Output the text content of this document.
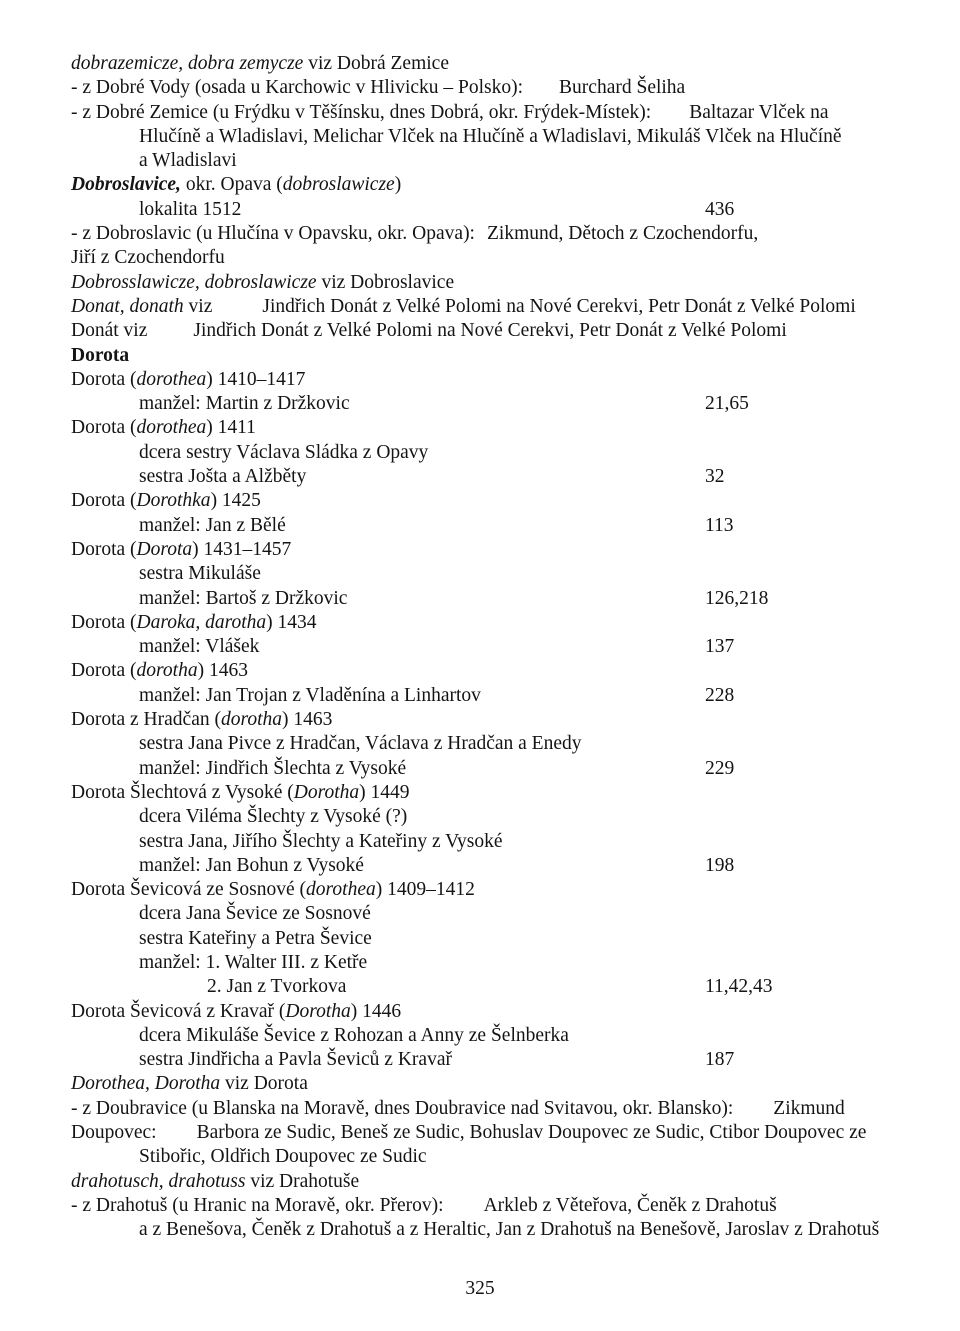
dobrazemicze, dobra zemycze viz Dobrá Zemice
- z Dobré Vody (osada u Karchowic v Hlivicku – Polsko): Burchard Šeliha
- z Dobré Zemice (u Frýdku v Těšínsku, dnes Dobrá, okr. Frýdek-Místek): Baltazar Vlček na
Hlučíně a Wladislavi, Melichar Vlček na Hlučíně a Wladislavi, Mikuláš Vlček na Hlučíně
a Wladislavi
Dobroslavice, okr. Opava (dobroslawicze)
lokalita 1512	436
- z Dobroslavic (u Hlučína v Opavsku, okr. Opava): Zikmund, Dětoch z Czochendorfu,
Jiří z Czochendorfu
Dobrosslawicze, dobroslawicze viz Dobroslavice
Donat, donath viz	Jindřich Donát z Velké Polomi na Nové Cerekvi, Petr Donát z Velké Polomi
Donát viz Jindřich Donát z Velké Polomi na Nové Cerekvi, Petr Donát z Velké Polomi
Dorota
Dorota (dorothea) 1410–1417
manžel: Martin z Držkovic	21,65
Dorota (dorothea) 1411
dcera sestry Václava Sládka z Opavy
sestra Jošta a Alžběty	32
Dorota (Dorothka) 1425
manžel: Jan z Bělé	113
Dorota (Dorota) 1431–1457
sestra Mikuláše
manžel: Bartoš z Držkovic	126,218
Dorota (Daroka, darotha) 1434
manžel: Vlášek	137
Dorota (dorotha) 1463
manžel: Jan Trojan z Vladěnína a Linhartov	228
Dorota z Hradčan (dorotha) 1463
sestra Jana Pivce z Hradčan, Václava z Hradčan a Enedy
manžel: Jindřich Šlechta z Vysoké	229
Dorota Šlechtová z Vysoké (Dorotha) 1449
dcera Viléma Šlechty z Vysoké (?)
sestra Jana, Jiřího Šlechty a Kateřiny z Vysoké
manžel: Jan Bohun z Vysoké	198
Dorota Ševicová ze Sosnové (dorothea) 1409–1412
dcera Jana Ševice ze Sosnové
sestra Kateřiny a Petra Ševice
manžel: 1. Walter III. z Ketře
2. Jan z Tvorkova	11,42,43
Dorota Ševicová z Kravař (Dorotha) 1446
dcera Mikuláše Ševice z Rohozan a Anny ze Šelnberka
sestra Jindřicha a Pavla Ševiců z Kravař	187
Dorothea, Dorotha viz Dorota
- z Doubravice (u Blanska na Moravě, dnes Doubravice nad Svitavou, okr. Blansko): Zikmund
Doupovec: Barbora ze Sudic, Beneš ze Sudic, Bohuslav Doupovec ze Sudic, Ctibor Doupovec ze
Stibořic, Oldřich Doupovec ze Sudic
drahotusch, drahotuss viz Drahotuše
- z Drahotuš (u Hranic na Moravě, okr. Přerov): Arkleb z Větеřova, Čeněk z Drahotuš
a z Benešova, Čeněk z Drahotuš a z Heraltic, Jan z Drahotuš na Benešově, Jaroslav z Drahotuš
325
